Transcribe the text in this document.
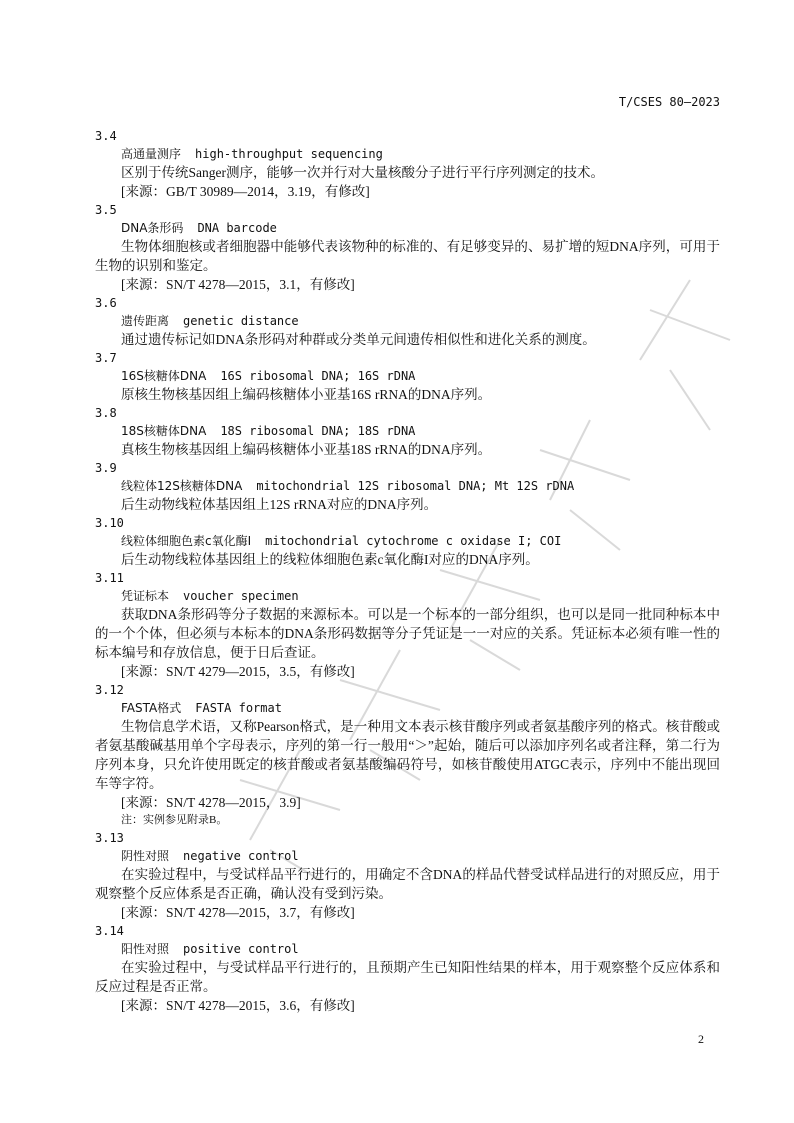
T/CSES 80—2023

3.4

高通量测序 high-throughput sequencing

区别于传统Sanger测序，能够一次并行对大量核酸分子进行平行序列测定的技术。

[来源：GB/T 30989—2014，3.19，有修改]

3.5

DNA条形码 DNA barcode

生物体细胞核或者细胞器中能够代表该物种的标准的、有足够变异的、易扩增的短DNA序列，可用于生物的识别和鉴定。

[来源：SN/T 4278—2015，3.1，有修改]

3.6

遗传距离 genetic distance

通过遗传标记如DNA条形码对种群或分类单元间遗传相似性和进化关系的测度。

3.7

16S核糖体DNA 16S ribosomal DNA; 16S rDNA

原核生物核基因组上编码核糖体小亚基16S rRNA的DNA序列。

3.8

18S核糖体DNA 18S ribosomal DNA; 18S rDNA

真核生物核基因组上编码核糖体小亚基18S rRNA的DNA序列。

3.9

线粒体12S核糖体DNA mitochondrial 12S ribosomal DNA; Mt 12S rDNA

后生动物线粒体基因组上12S rRNA对应的DNA序列。

3.10

线粒体细胞色素c氧化酶I mitochondrial cytochrome c oxidase I; COI

后生动物线粒体基因组上的线粒体细胞色素c氧化酶I对应的DNA序列。

3.11

凭证标本 voucher specimen

获取DNA条形码等分子数据的来源标本。可以是一个标本的一部分组织，也可以是同一批同种标本中的一个个体，但必须与本标本的DNA条形码数据等分子凭证是一一对应的关系。凭证标本必须有唯一性的标本编号和存放信息，便于日后查证。

[来源：SN/T 4279—2015，3.5，有修改]

3.12

FASTA格式 FASTA format

生物信息学术语，又称Pearson格式，是一种用文本表示核苷酸序列或者氨基酸序列的格式。核苷酸或者氨基酸碱基用单个字母表示，序列的第一行一般用“＞”起始，随后可以添加序列名或者注释，第二行为序列本身，只允许使用既定的核苷酸或者氨基酸编码符号，如核苷酸使用ATGC表示，序列中不能出现回车等字符。

[来源：SN/T 4278—2015，3.9]

注：实例参见附录B。

3.13

阴性对照 negative control

在实验过程中，与受试样品平行进行的，用确定不含DNA的样品代替受试样品进行的对照反应，用于观察整个反应体系是否正确，确认没有受到污染。

[来源：SN/T 4278—2015，3.7，有修改]

3.14

阳性对照 positive control

在实验过程中，与受试样品平行进行的，且预期产生已知阳性结果的样本，用于观察整个反应体系和反应过程是否正常。

[来源：SN/T 4278—2015，3.6，有修改]

2
